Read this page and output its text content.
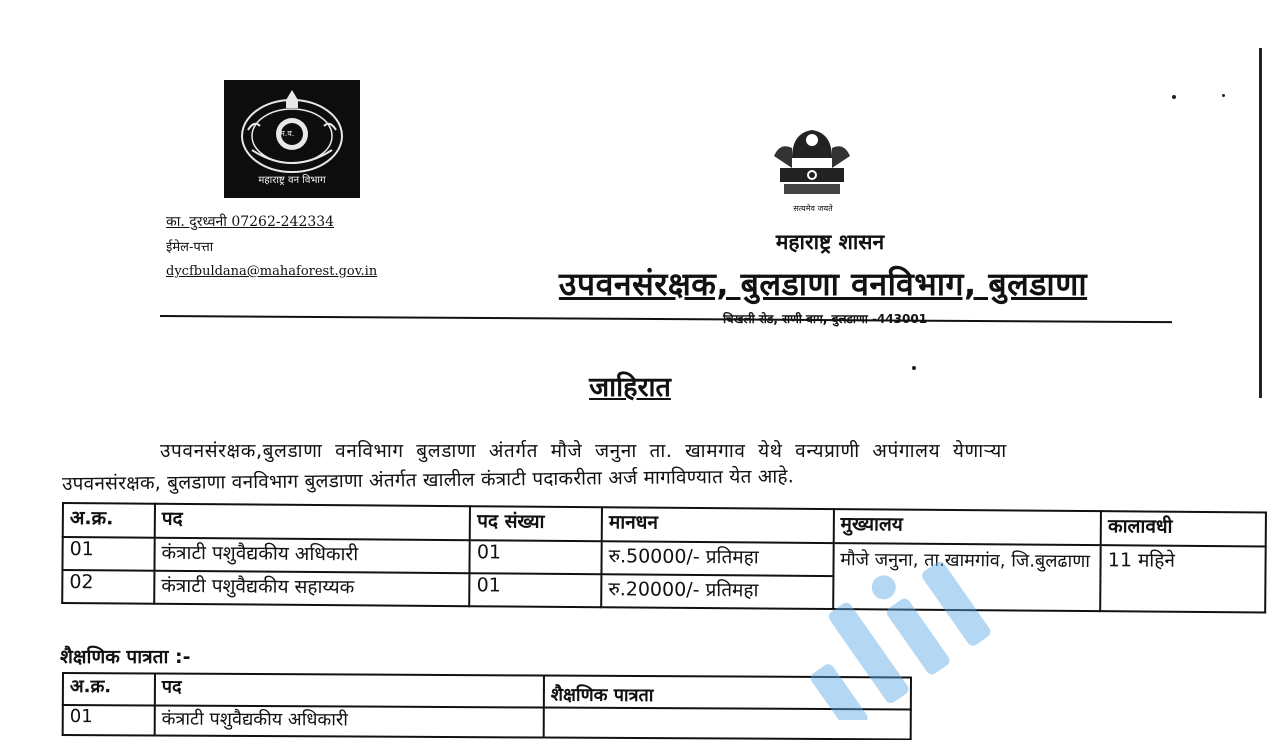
म.व.
महाराष्ट्र वन विभाग
का. दुरध्वनी 07262-242334
ईमेल-पत्ता
dycfbuldana@mahaforest.gov.in
सत्यमेव जयते
महाराष्ट्र शासन
उपवनसंरक्षक, बुलडाणा वनविभाग, बुलडाणा
चिखली रोड, राणी बाग, बुलडाणा -443001
जाहिरात
उपवनसंरक्षक,बुलडाणा वनविभाग बुलडाणा अंतर्गत मौजे जनुना ता. खामगाव येथे वन्यप्राणी अपंगालय येणाऱ्या
उपवनसंरक्षक, बुलडाणा वनविभाग बुलडाणा अंतर्गत खालील कंत्राटी पदाकरीता अर्ज मागविण्यात येत आहे.
अ.क्र.	पद	पद संख्या	मानधन	मुख्यालय	कालावधी
01	कंत्राटी पशुवैद्यकीय अधिकारी	01	रु.50000/- प्रतिमहा	मौजे जनुना, ता.खामगांव, जि.बुलढाणा	11 महिने
02	कंत्राटी पशुवैद्यकीय सहाय्यक	01	रु.20000/- प्रतिमहा		
शैक्षणिक पात्रता :-
अ.क्र.	पद	शैक्षणिक पात्रता
01	कंत्राटी पशुवैद्यकीय अधिकारी	
